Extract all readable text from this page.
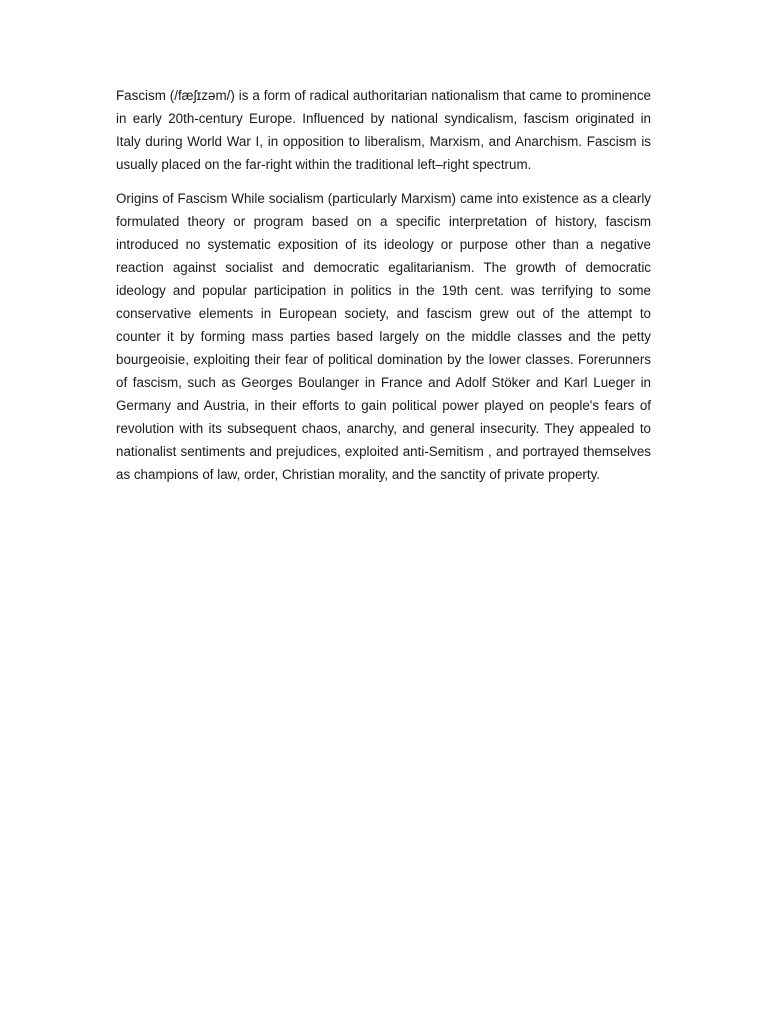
Fascism (/fæʃɪzəm/) is a form of radical authoritarian nationalism that came to prominence in early 20th-century Europe. Influenced by national syndicalism, fascism originated in Italy during World War I, in opposition to liberalism, Marxism, and Anarchism. Fascism is usually placed on the far-right within the traditional left–right spectrum.

Origins of Fascism While socialism (particularly Marxism) came into existence as a clearly formulated theory or program based on a specific interpretation of history, fascism introduced no systematic exposition of its ideology or purpose other than a negative reaction against socialist and democratic egalitarianism. The growth of democratic ideology and popular participation in politics in the 19th cent. was terrifying to some conservative elements in European society, and fascism grew out of the attempt to counter it by forming mass parties based largely on the middle classes and the petty bourgeoisie, exploiting their fear of political domination by the lower classes. Forerunners of fascism, such as Georges Boulanger in France and Adolf Stöker and Karl Lueger in Germany and Austria, in their efforts to gain political power played on people's fears of revolution with its subsequent chaos, anarchy, and general insecurity. They appealed to nationalist sentiments and prejudices, exploited anti-Semitism , and portrayed themselves as champions of law, order, Christian morality, and the sanctity of private property.
